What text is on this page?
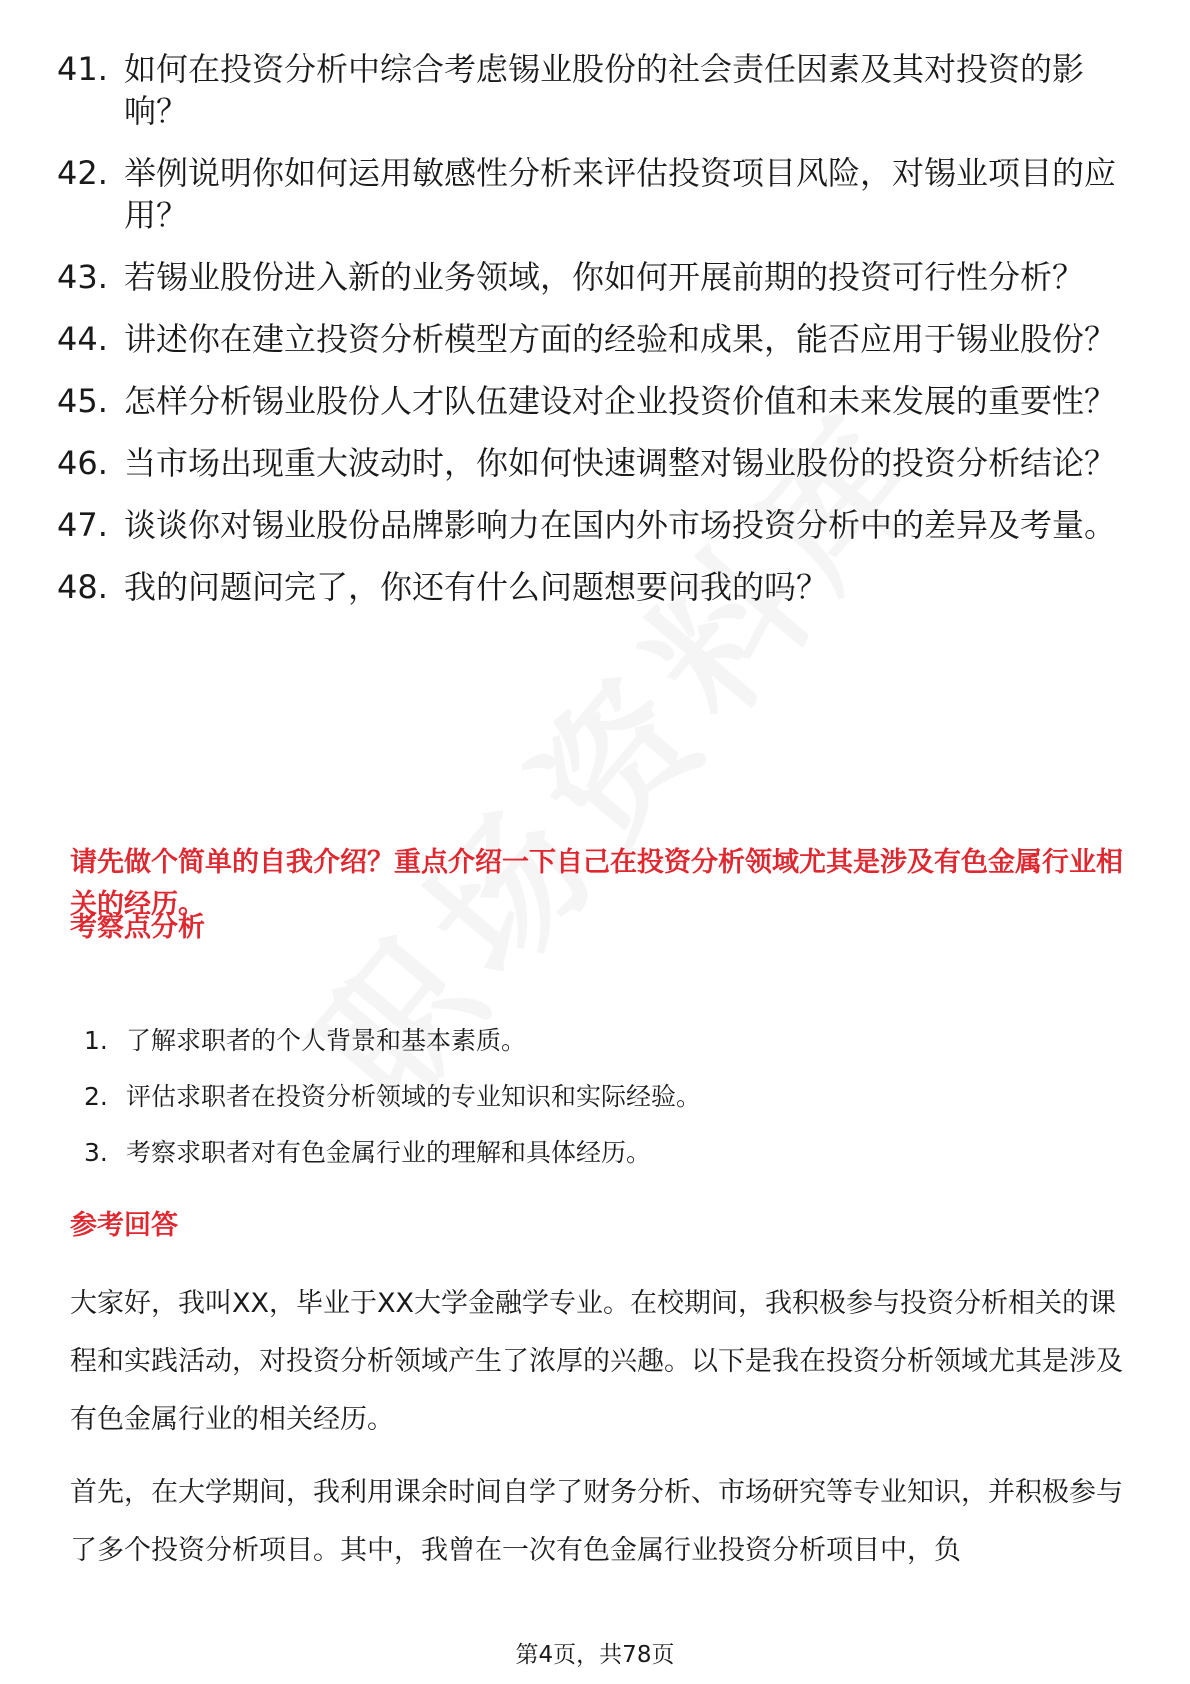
41. 如何在投资分析中综合考虑锡业股份的社会责任因素及其对投资的影响？
42. 举例说明你如何运用敏感性分析来评估投资项目风险，对锡业项目的应用？
43. 若锡业股份进入新的业务领域，你如何开展前期的投资可行性分析？
44. 讲述你在建立投资分析模型方面的经验和成果，能否应用于锡业股份？
45. 怎样分析锡业股份人才队伍建设对企业投资价值和未来发展的重要性？
46. 当市场出现重大波动时，你如何快速调整对锡业股份的投资分析结论？
47. 谈谈你对锡业股份品牌影响力在国内外市场投资分析中的差异及考量。
48. 我的问题问完了，你还有什么问题想要问我的吗？
请先做个简单的自我介绍？重点介绍一下自己在投资分析领域尤其是涉及有色金属行业相关的经历。
考察点分析
1. 了解求职者的个人背景和基本素质。
2. 评估求职者在投资分析领域的专业知识和实际经验。
3. 考察求职者对有色金属行业的理解和具体经历。
参考回答

大家好，我叫XX，毕业于XX大学金融学专业。在校期间，我积极参与投资分析相关的课程和实践活动，对投资分析领域产生了浓厚的兴趣。以下是我在投资分析领域尤其是涉及有色金属行业的相关经历。

首先，在大学期间，我利用课余时间自学了财务分析、市场研究等专业知识，并积极参与了多个投资分析项目。其中，我曾在一次有色金属行业投资分析项目中，负

第4页，共78页
